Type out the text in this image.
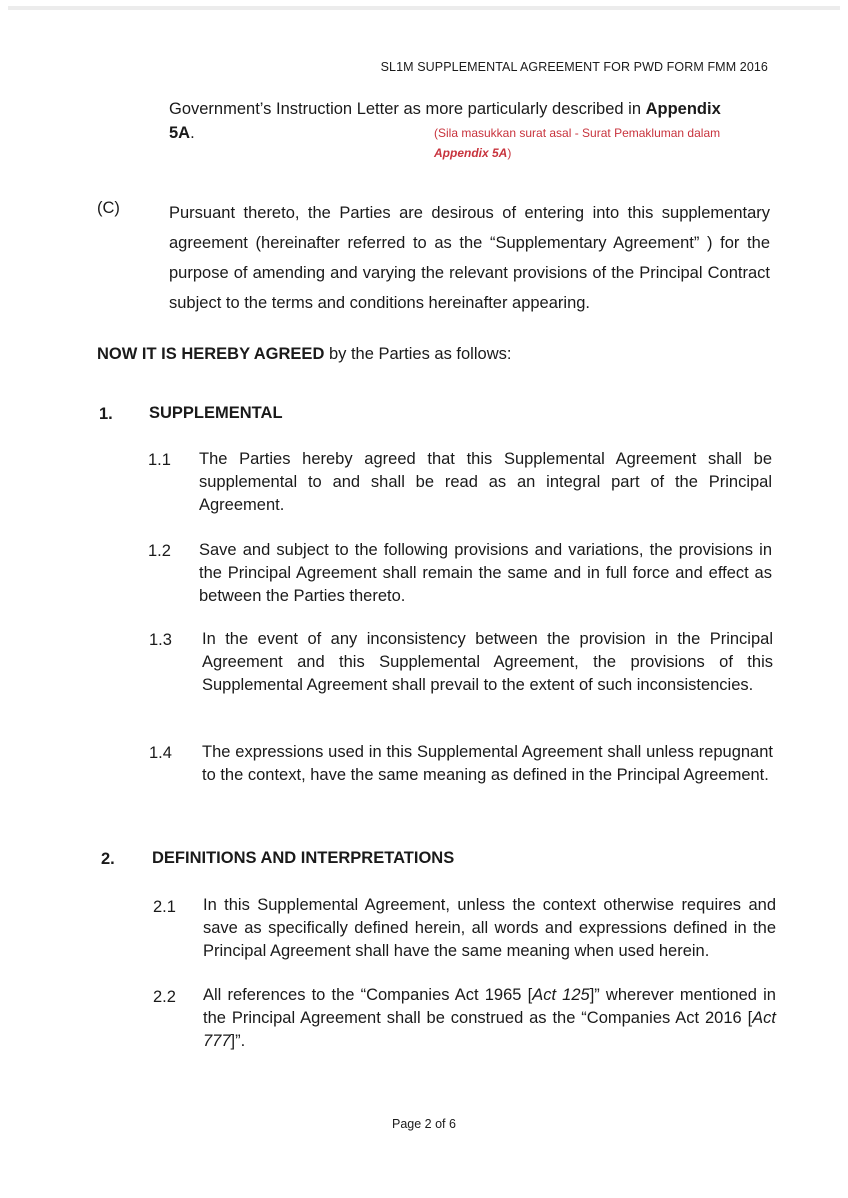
SL1M SUPPLEMENTAL AGREEMENT FOR PWD FORM FMM 2016
Government’s Instruction Letter as more particularly described in Appendix
5A.	(Sila masukkan surat asal - Surat Pemakluman dalam
Appendix 5A)
(C)	Pursuant thereto, the Parties are desirous of entering into this supplementary agreement (hereinafter referred to as the “Supplementary Agreement” ) for the purpose of amending and varying the relevant provisions of the Principal Contract subject to the terms and conditions hereinafter appearing.
NOW IT IS HEREBY AGREED by the Parties as follows:
1. SUPPLEMENTAL
1.1 The Parties hereby agreed that this Supplemental Agreement shall be supplemental to and shall be read as an integral part of the Principal Agreement.
1.2 Save and subject to the following provisions and variations, the provisions in the Principal Agreement shall remain the same and in full force and effect as between the Parties thereto.
1.3 In the event of any inconsistency between the provision in the Principal Agreement and this Supplemental Agreement, the provisions of this Supplemental Agreement shall prevail to the extent of such inconsistencies.
1.4 The expressions used in this Supplemental Agreement shall unless repugnant to the context, have the same meaning as defined in the Principal Agreement.
2. DEFINITIONS AND INTERPRETATIONS
2.1 In this Supplemental Agreement, unless the context otherwise requires and save as specifically defined herein, all words and expressions defined in the Principal Agreement shall have the same meaning when used herein.
2.2 All references to the “Companies Act 1965 [Act 125]” wherever mentioned in the Principal Agreement shall be construed as the “Companies Act 2016 [Act 777]”.
Page 2 of 6
